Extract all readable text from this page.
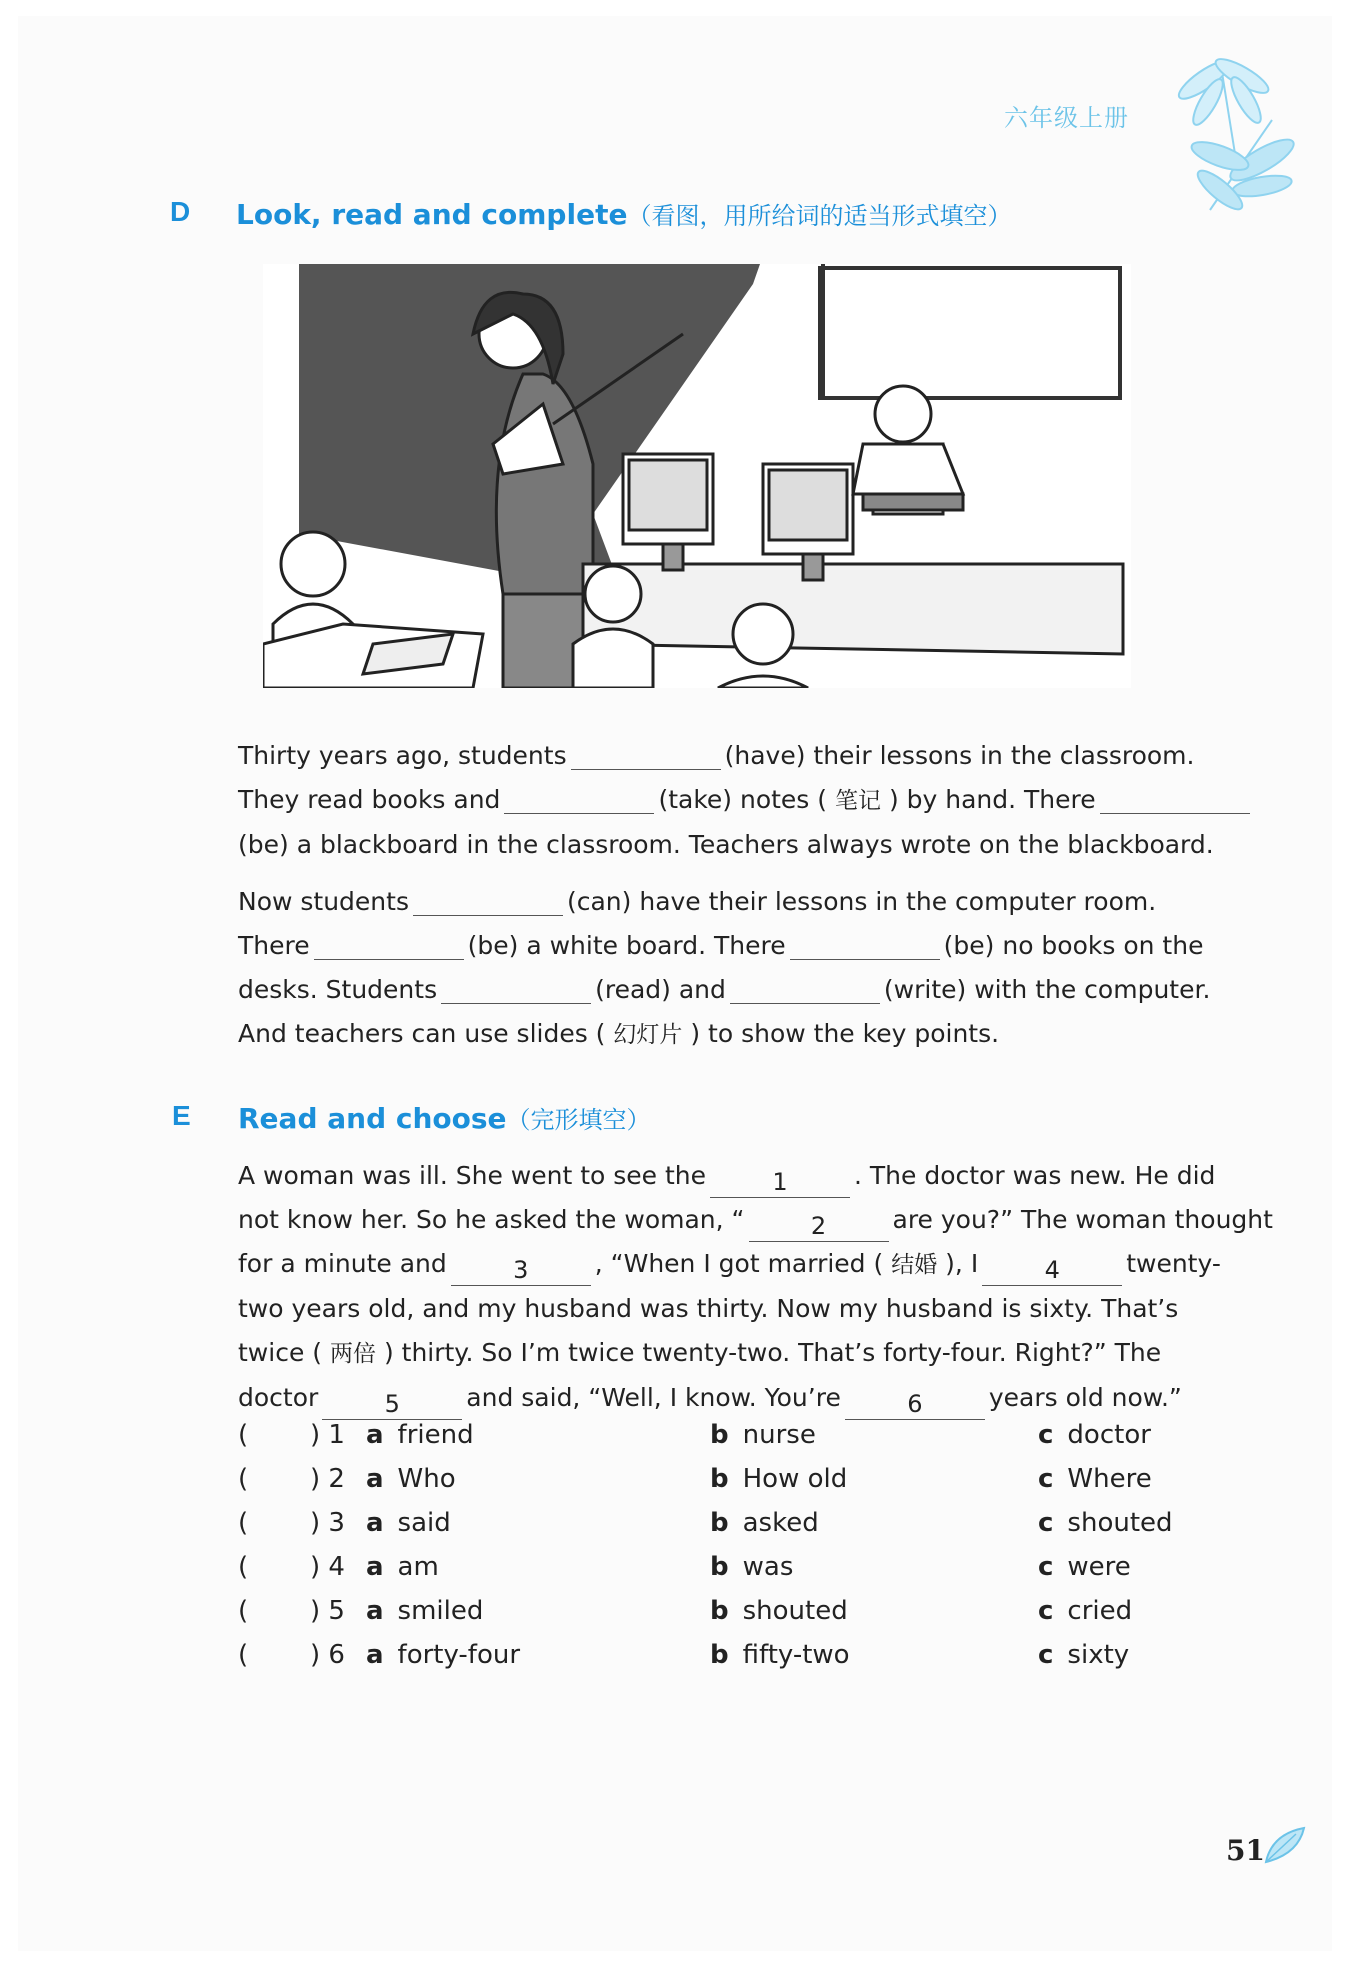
六年级上册
D Look, read and complete（看图，用所给词的适当形式填空）
Thirty years ago, students	(have) their lessons in the classroom.
They read books and	(take) notes ( 笔记 ) by hand. There
(be) a blackboard in the classroom. Teachers always wrote on the blackboard.
Now students	(can) have their lessons in the computer room.
There	(be) a white board. There	(be) no books on the
desks. Students	(read) and	(write) with the computer.
And teachers can use slides ( 幻灯片 ) to show the key points.
E Read and choose（完形填空）
A woman was ill. She went to see the	1	. The doctor was new. He did
not know her. So he asked the woman, “	2	are you?” The woman thought
for a minute and	3	, “When I got married ( 结婚 ), I	4	twenty-
two years old, and my husband was thirty. Now my husband is sixty. That’s
twice ( 两倍 ) thirty. So I’m twice twenty-two. That’s forty-four. Right?” The
doctor	5	and said, “Well, I know. You’re	6	years old now.”
( ) 1 a friend	b nurse	c doctor
( ) 2 a Who	b How old	c Where
( ) 3 a said	b asked	c shouted
( ) 4 a am	b was	c were
( ) 5 a smiled	b shouted	c cried
( ) 6 a forty-four	b fifty-two	c sixty
51
